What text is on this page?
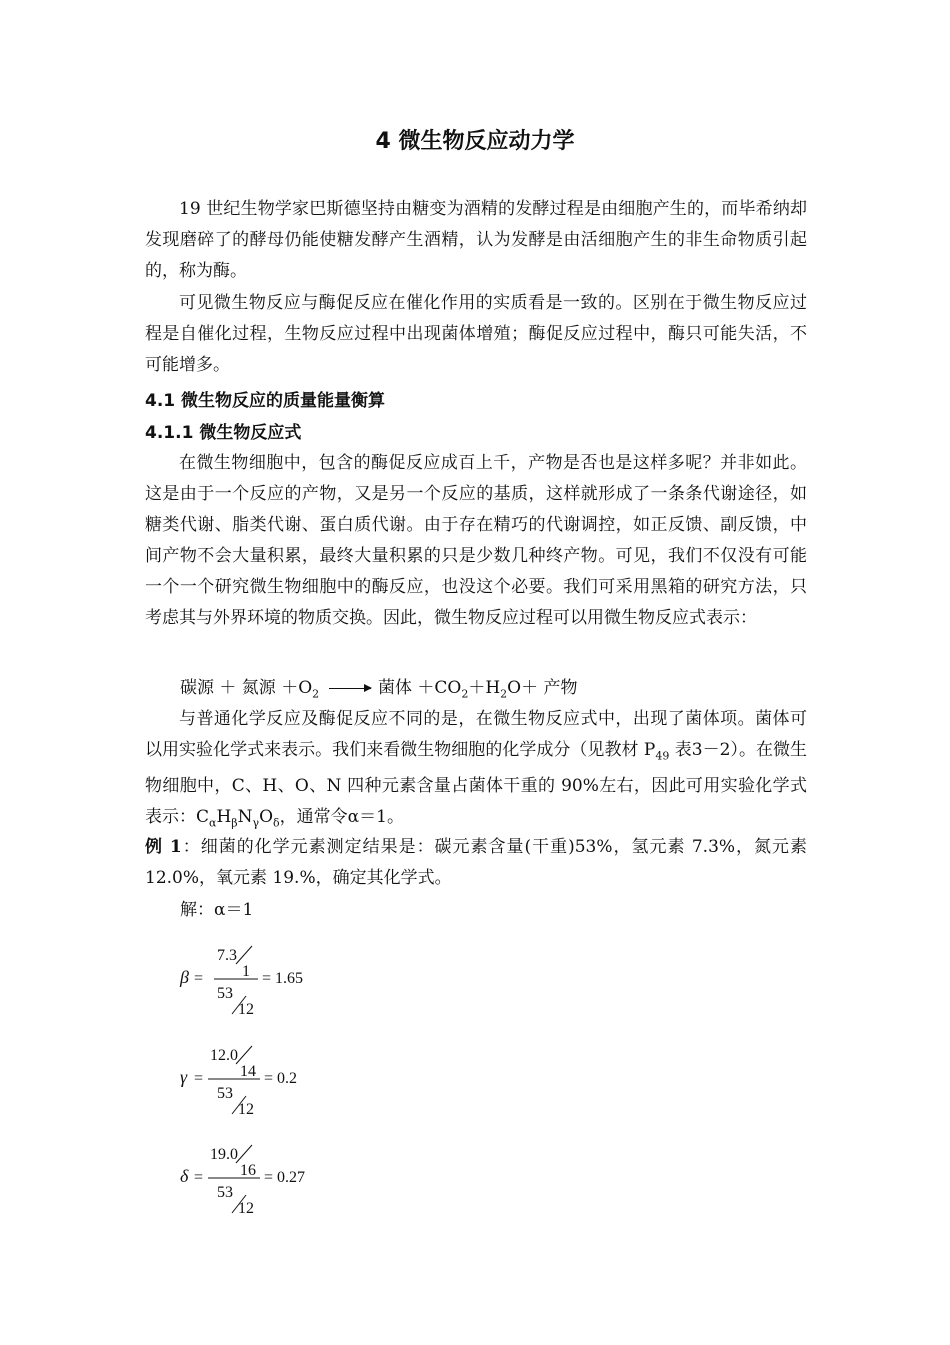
4 微生物反应动力学
19 世纪生物学家巴斯德坚持由糖变为酒精的发酵过程是由细胞产生的，而毕希纳却发现磨碎了的酵母仍能使糖发酵产生酒精，认为发酵是由活细胞产生的非生命物质引起的，称为酶。
可见微生物反应与酶促反应在催化作用的实质看是一致的。区别在于微生物反应过程是自催化过程，生物反应过程中出现菌体增殖；酶促反应过程中，酶只可能失活，不可能增多。
4.1 微生物反应的质量能量衡算
4.1.1 微生物反应式
在微生物细胞中，包含的酶促反应成百上千，产物是否也是这样多呢？并非如此。这是由于一个反应的产物，又是另一个反应的基质，这样就形成了一条条代谢途径，如糖类代谢、脂类代谢、蛋白质代谢。由于存在精巧的代谢调控，如正反馈、副反馈，中间产物不会大量积累，最终大量积累的只是少数几种终产物。可见，我们不仅没有可能一个一个研究微生物细胞中的酶反应，也没这个必要。我们可采用黑箱的研究方法，只考虑其与外界环境的物质交换。因此，微生物反应过程可以用微生物反应式表示：
碳源 ＋ 氮源 $+O_2$ → 菌体 $+CO_2+H_2O+$ 产物
与普通化学反应及酶促反应不同的是，在微生物反应式中，出现了菌体项。菌体可以用实验化学式来表示。我们来看微生物细胞的化学成分（见教材 $P_{49}$ 表3－2）。在微生物细胞中，C、H、O、N 四种元素含量占菌体干重的 90%左右，因此可用实验化学式表示：$C_\alpha H_\beta N_\gamma O_\delta$，通常令α＝1。
例 1：细菌的化学元素测定结果是：碳元素含量(干重)53%，氢元素 7.3%，氮元素 12.0%，氧元素 19.%，确定其化学式。
解：α＝1
β =
7.3
1
53
12
= 1.65
γ =
12.0
14
53
12
= 0.2
δ =
19.0
16
53
12
= 0.27
